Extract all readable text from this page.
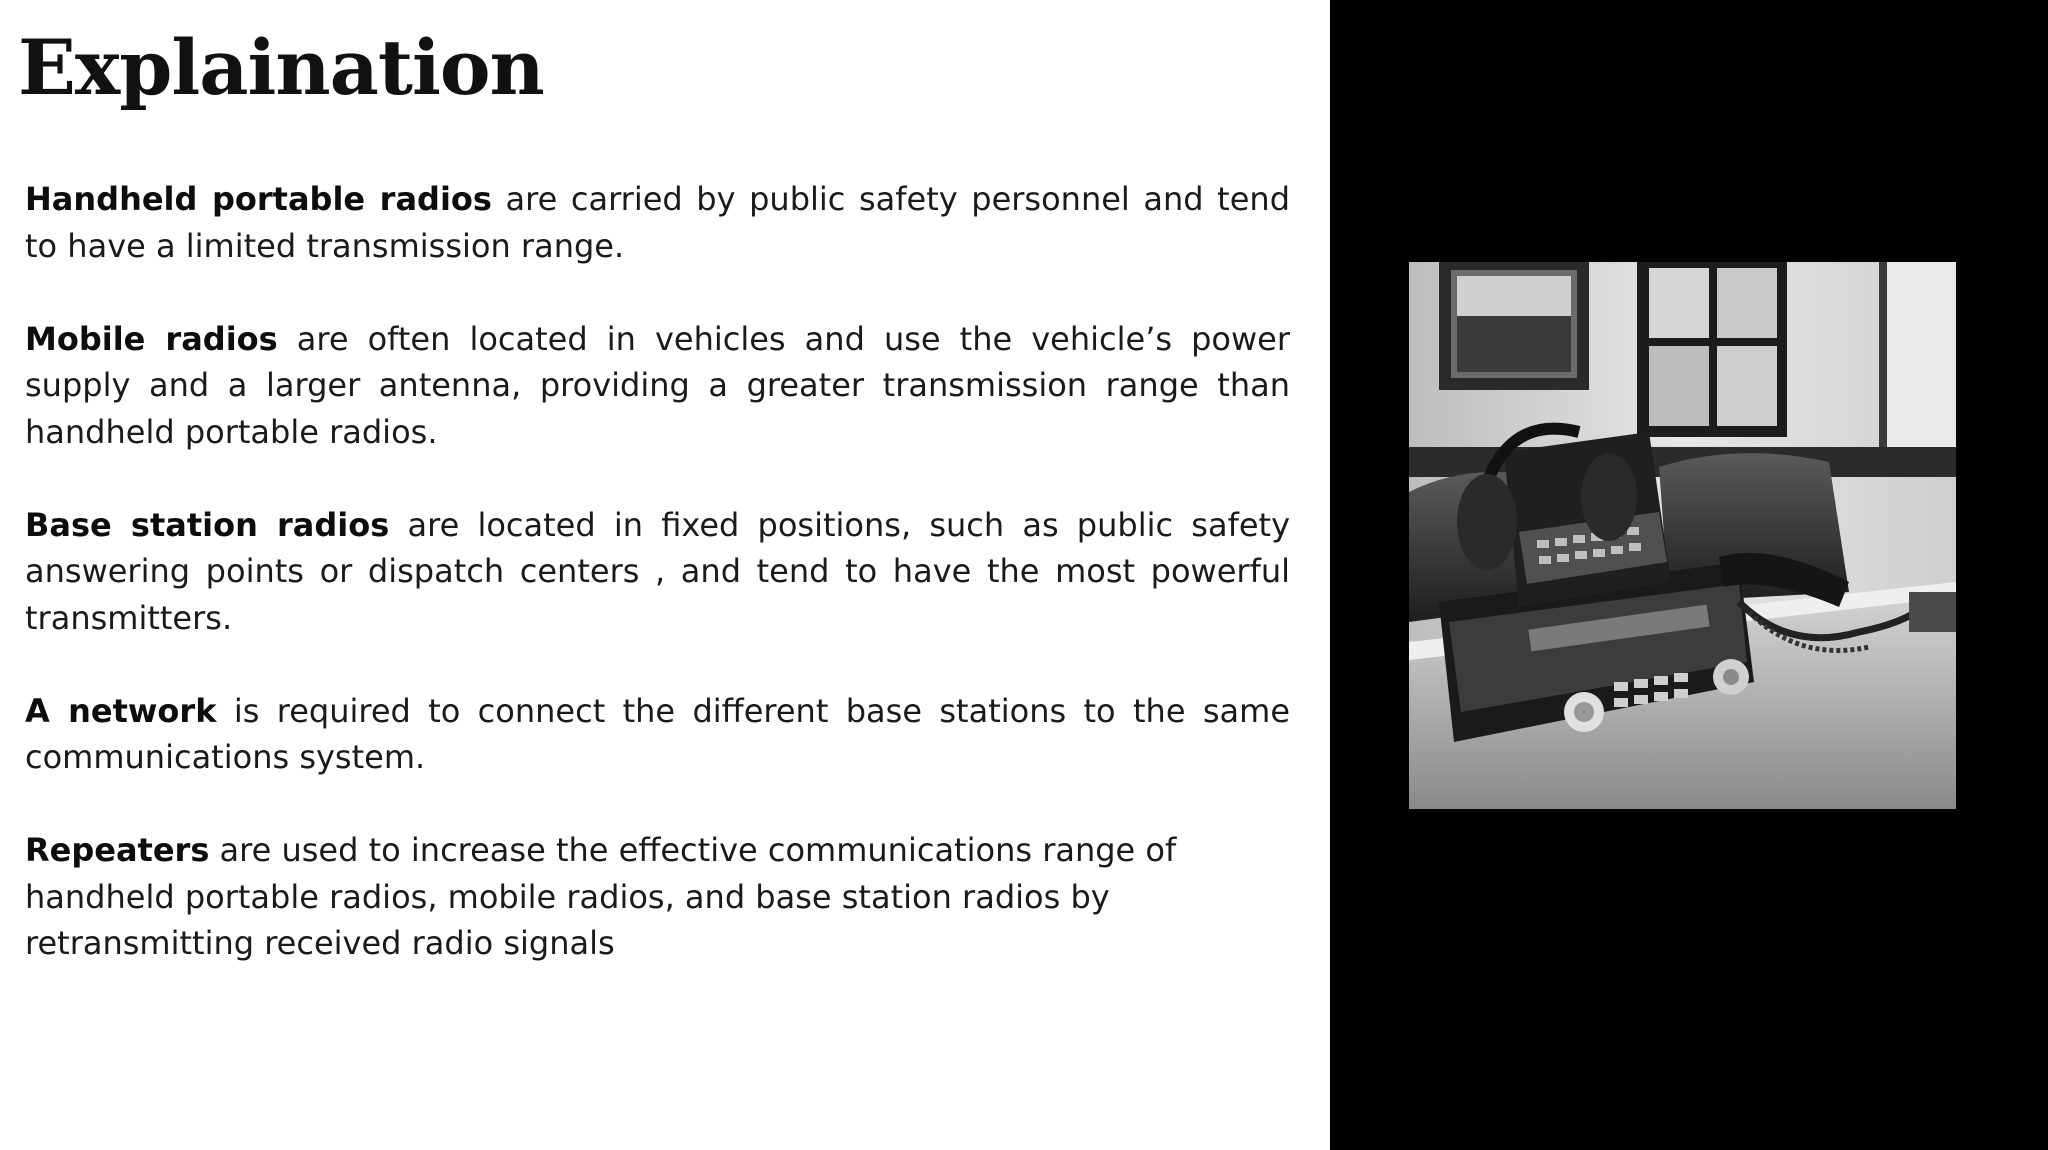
Explaination

Handheld portable radios are carried by public safety personnel and tend to have a limited transmission range.

Mobile radios are often located in vehicles and use the vehicle’s power supply and a larger antenna, providing a greater transmission range than handheld portable radios.

Base station radios are located in fixed positions, such as public safety answering points or dispatch centers , and tend to have the most powerful transmitters.

A network is required to connect the different base stations to the same communications system.

Repeaters are used to increase the effective communications range of handheld portable radios, mobile radios, and base station radios by retransmitting received radio signals
